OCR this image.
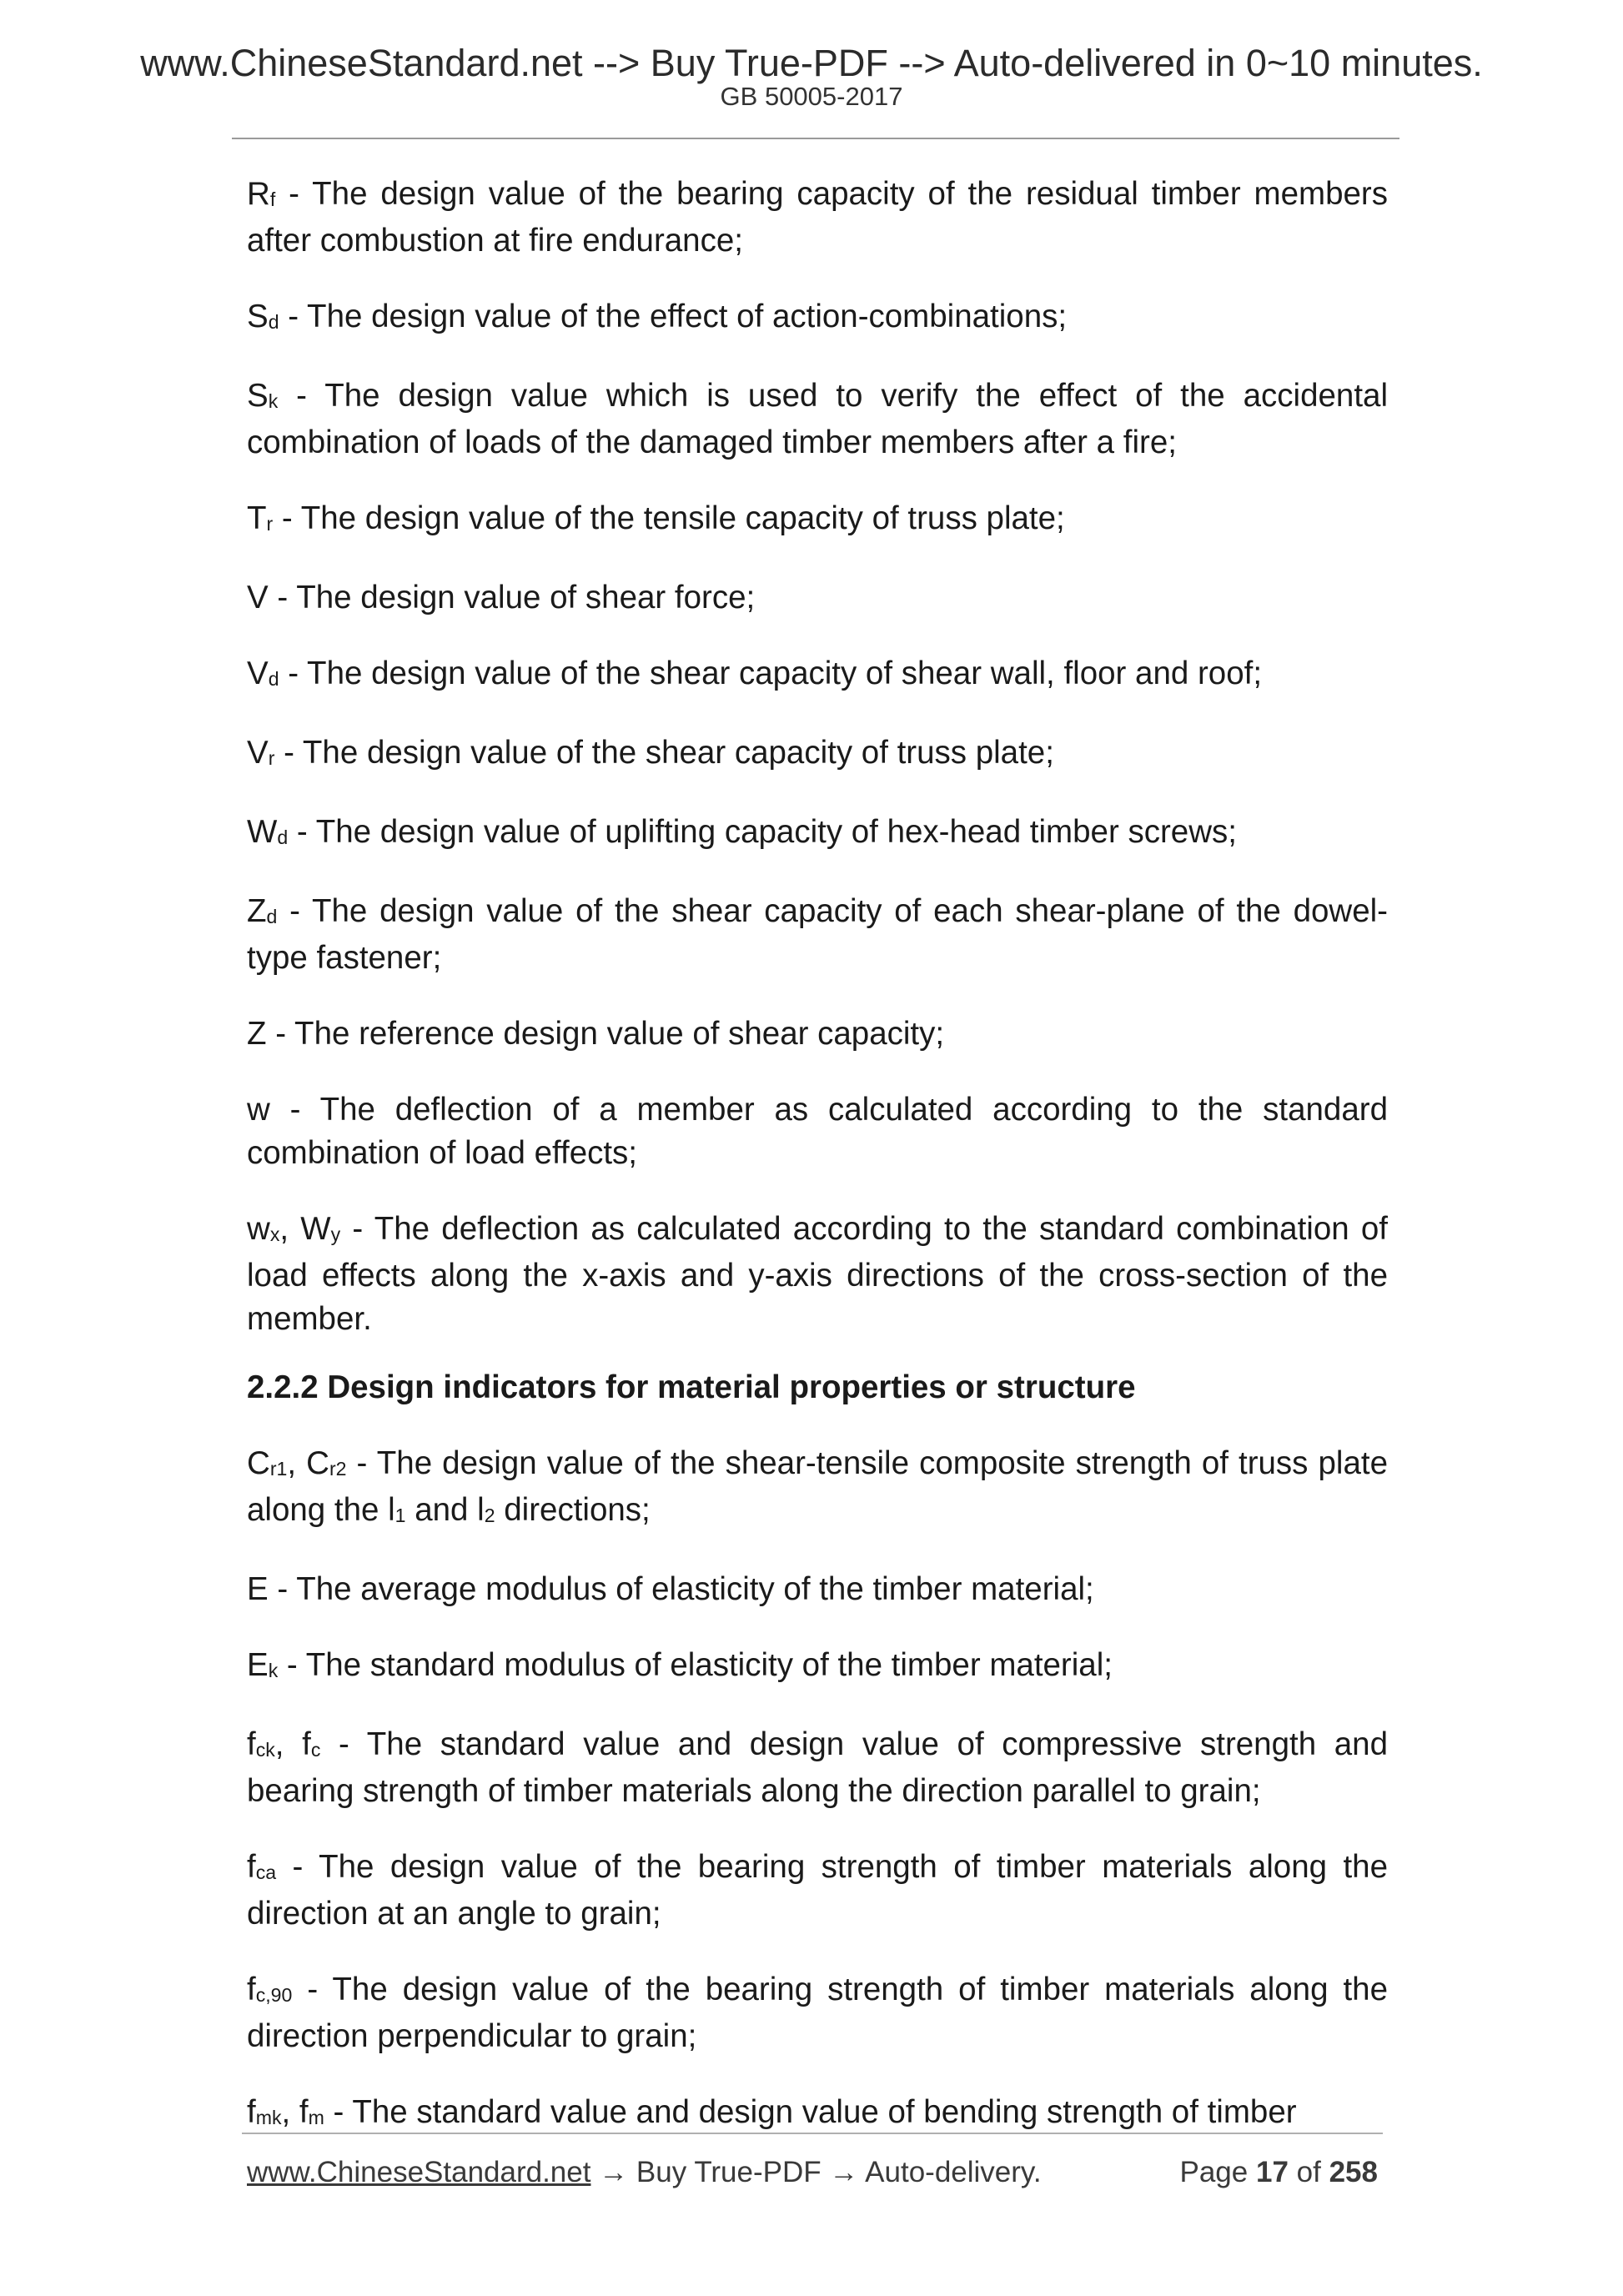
www.ChineseStandard.net --> Buy True-PDF --> Auto-delivered in 0~10 minutes.
GB 50005-2017

Rf - The design value of the bearing capacity of the residual timber members after combustion at fire endurance;

Sd - The design value of the effect of action-combinations;

Sk - The design value which is used to verify the effect of the accidental combination of loads of the damaged timber members after a fire;

Tr - The design value of the tensile capacity of truss plate;

V - The design value of shear force;

Vd - The design value of the shear capacity of shear wall, floor and roof;

Vr - The design value of the shear capacity of truss plate;

Wd - The design value of uplifting capacity of hex-head timber screws;

Zd - The design value of the shear capacity of each shear-plane of the dowel-type fastener;

Z - The reference design value of shear capacity;

w - The deflection of a member as calculated according to the standard combination of load effects;

wx, Wy - The deflection as calculated according to the standard combination of load effects along the x-axis and y-axis directions of the cross-section of the member.

2.2.2 Design indicators for material properties or structure

Cr1, Cr2 - The design value of the shear-tensile composite strength of truss plate along the l1 and l2 directions;

E - The average modulus of elasticity of the timber material;

Ek - The standard modulus of elasticity of the timber material;

fck, fc - The standard value and design value of compressive strength and bearing strength of timber materials along the direction parallel to grain;

fca - The design value of the bearing strength of timber materials along the direction at an angle to grain;

fc,90 - The design value of the bearing strength of timber materials along the direction perpendicular to grain;

fmk, fm - The standard value and design value of bending strength of timber

www.ChineseStandard.net → Buy True-PDF → Auto-delivery.	Page 17 of 258
